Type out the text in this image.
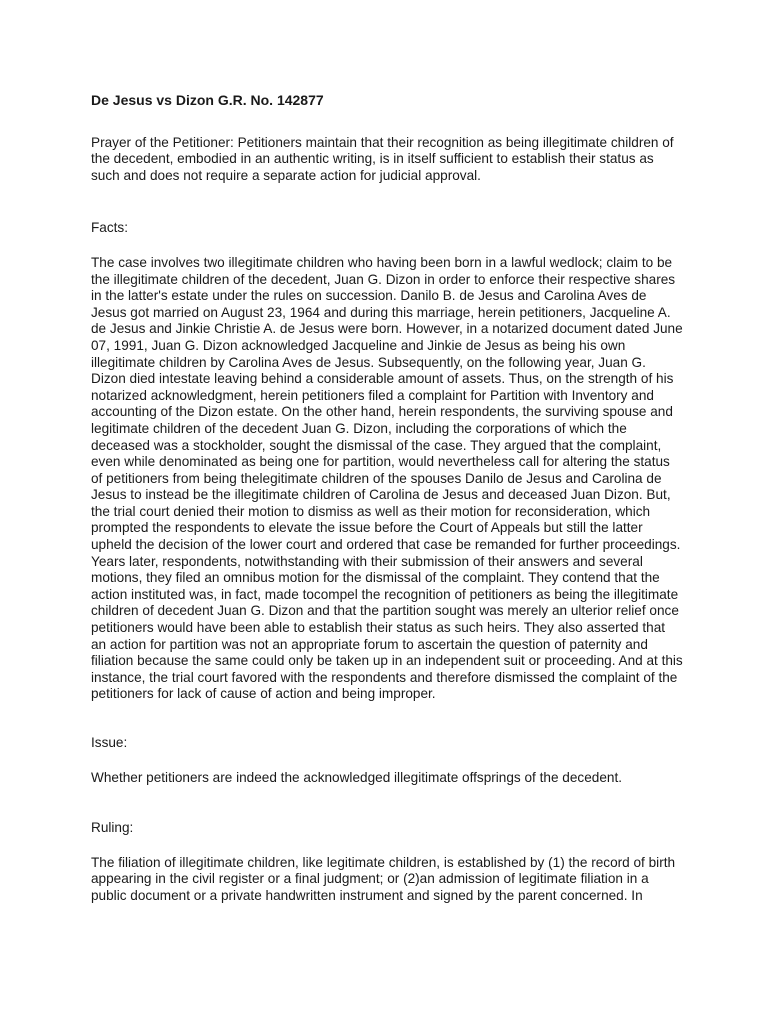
De Jesus vs Dizon G.R. No. 142877

Prayer of the Petitioner: Petitioners maintain that their recognition as being illegitimate children of the decedent, embodied in an authentic writing, is in itself sufficient to establish their status as such and does not require a separate action for judicial approval.

Facts:

The case involves two illegitimate children who having been born in a lawful wedlock; claim to be the illegitimate children of the decedent, Juan G. Dizon in order to enforce their respective shares in the latter's estate under the rules on succession. Danilo B. de Jesus and Carolina Aves de Jesus got married on August 23, 1964 and during this marriage, herein petitioners, Jacqueline A. de Jesus and Jinkie Christie A. de Jesus were born. However, in a notarized document dated June 07, 1991, Juan G. Dizon acknowledged Jacqueline and Jinkie de Jesus as being his own illegitimate children by Carolina Aves de Jesus. Subsequently, on the following year, Juan G. Dizon died intestate leaving behind a considerable amount of assets. Thus, on the strength of his notarized acknowledgment, herein petitioners filed a complaint for Partition with Inventory and accounting of the Dizon estate. On the other hand, herein respondents, the surviving spouse and legitimate children of the decedent Juan G. Dizon, including the corporations of which the deceased was a stockholder, sought the dismissal of the case. They argued that the complaint, even while denominated as being one for partition, would nevertheless call for altering the status of petitioners from being thelegitimate children of the spouses Danilo de Jesus and Carolina de Jesus to instead be the illegitimate children of Carolina de Jesus and deceased Juan Dizon. But, the trial court denied their motion to dismiss as well as their motion for reconsideration, which prompted the respondents to elevate the issue before the Court of Appeals but still the latter upheld the decision of the lower court and ordered that case be remanded for further proceedings. Years later, respondents, notwithstanding with their submission of their answers and several motions, they filed an omnibus motion for the dismissal of the complaint. They contend that the action instituted was, in fact, made tocompel the recognition of petitioners as being the illegitimate children of decedent Juan G. Dizon and that the partition sought was merely an ulterior relief once petitioners would have been able to establish their status as such heirs. They also asserted that an action for partition was not an appropriate forum to ascertain the question of paternity and filiation because the same could only be taken up in an independent suit or proceeding. And at this instance, the trial court favored with the respondents and therefore dismissed the complaint of the petitioners for lack of cause of action and being improper.

Issue:

Whether petitioners are indeed the acknowledged illegitimate offsprings of the decedent.

Ruling:

The filiation of illegitimate children, like legitimate children, is established by (1) the record of birth appearing in the civil register or a final judgment; or (2)an admission of legitimate filiation in a public document or a private handwritten instrument and signed by the parent concerned. In
